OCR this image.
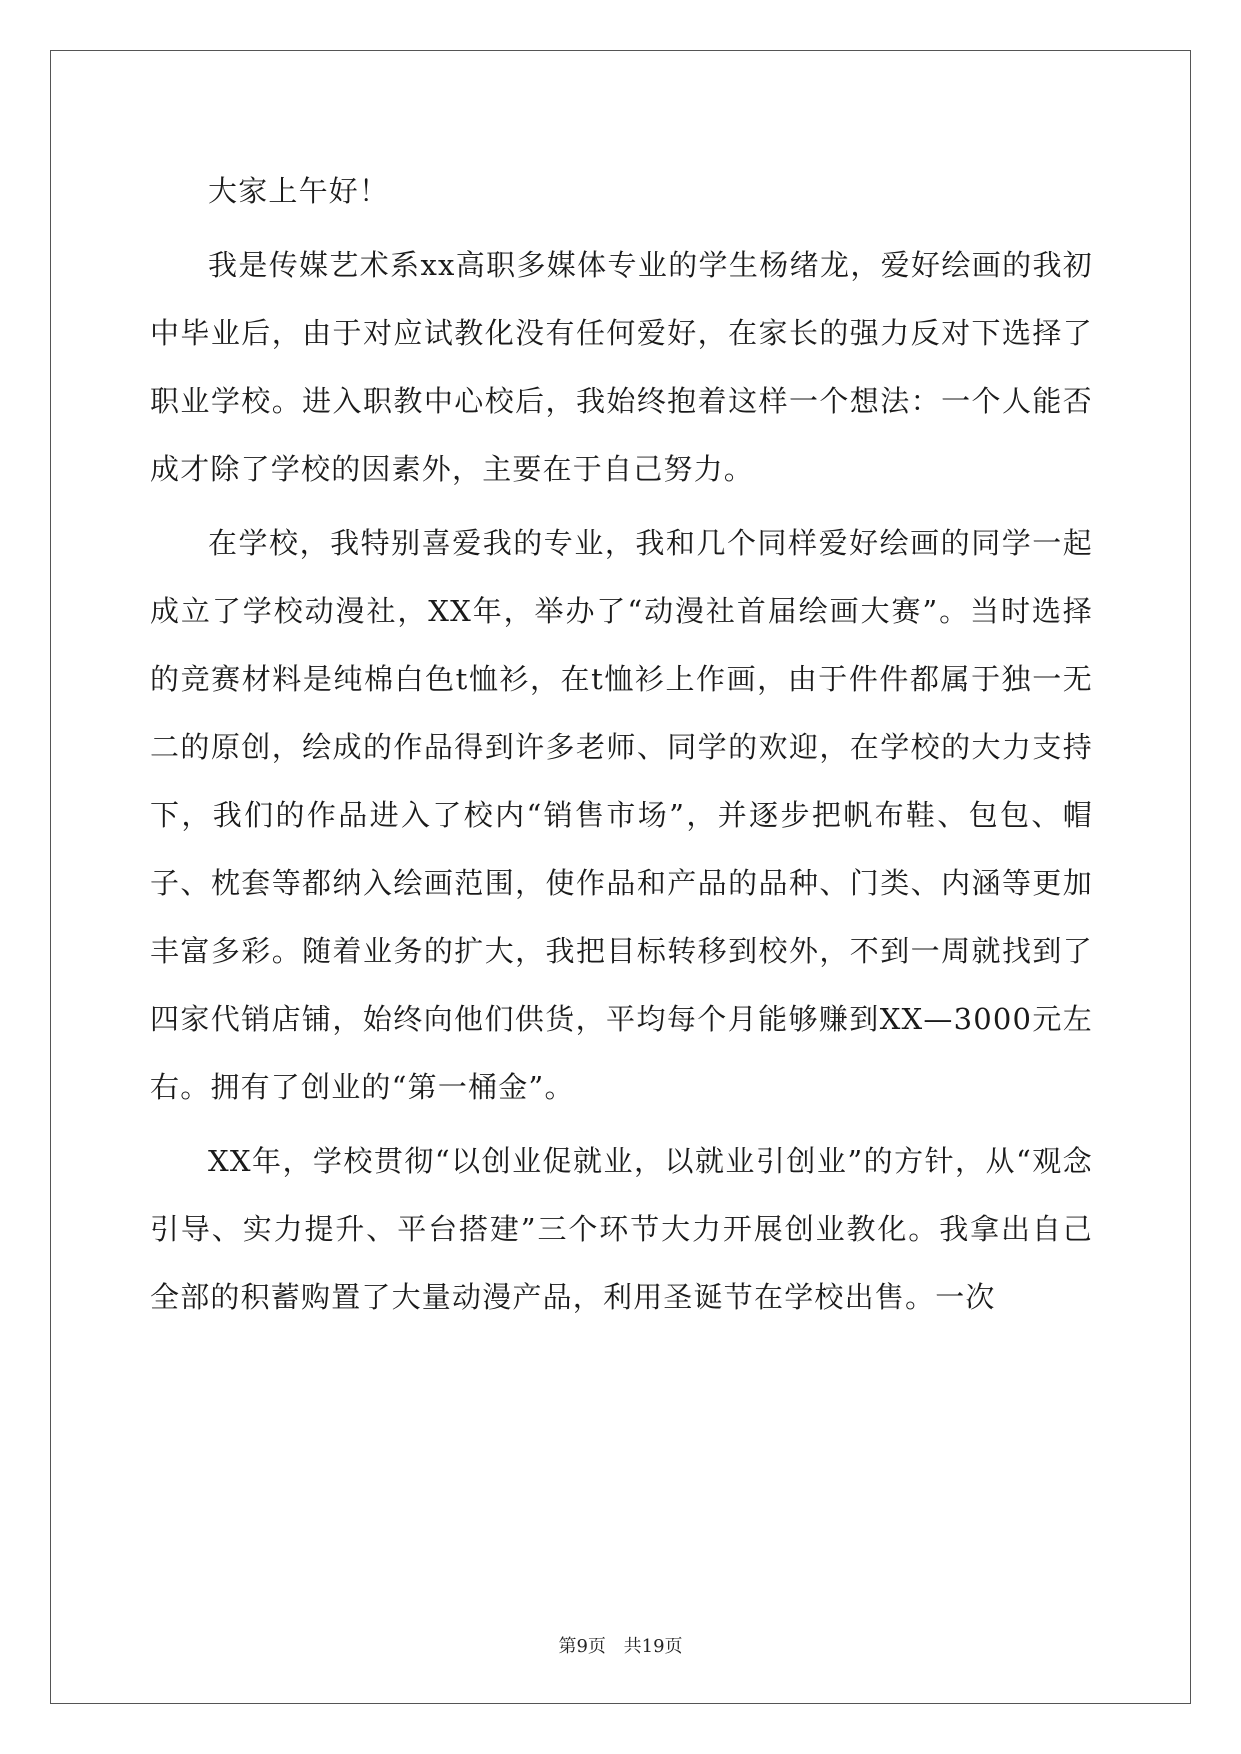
大家上午好！

我是传媒艺术系xx高职多媒体专业的学生杨绪龙，爱好绘画的我初中毕业后，由于对应试教化没有任何爱好，在家长的强力反对下选择了职业学校。进入职教中心校后，我始终抱着这样一个想法：一个人能否成才除了学校的因素外，主要在于自己努力。

在学校，我特别喜爱我的专业，我和几个同样爱好绘画的同学一起成立了学校动漫社，XX年，举办了“动漫社首届绘画大赛”。当时选择的竞赛材料是纯棉白色t恤衫，在t恤衫上作画，由于件件都属于独一无二的原创，绘成的作品得到许多老师、同学的欢迎，在学校的大力支持下，我们的作品进入了校内“销售市场”，并逐步把帆布鞋、包包、帽子、枕套等都纳入绘画范围，使作品和产品的品种、门类、内涵等更加丰富多彩。随着业务的扩大，我把目标转移到校外，不到一周就找到了四家代销店铺，始终向他们供货，平均每个月能够赚到XX—3000元左右。拥有了创业的“第一桶金”。

XX年，学校贯彻“以创业促就业，以就业引创业”的方针，从“观念引导、实力提升、平台搭建”三个环节大力开展创业教化。我拿出自己全部的积蓄购置了大量动漫产品，利用圣诞节在学校出售。一次

第9页 共19页
